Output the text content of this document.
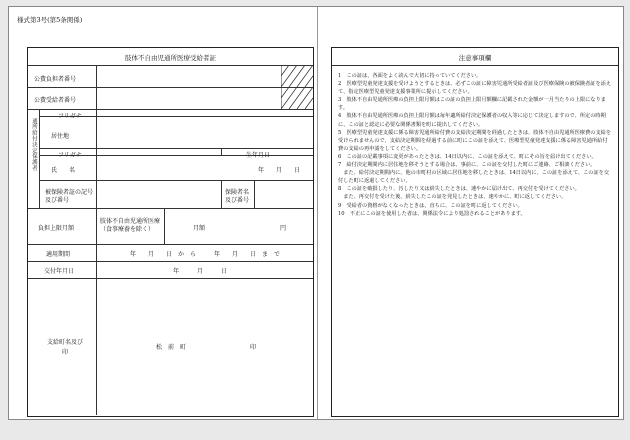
様式第3号(第5条関係)
肢体不自由児通所医療受給者証
公費負担者番号
公費受給者番号
通所給付決定保護者
フリガナ
居住地
フリガナ	生年月日
氏　　名	年　　月　　日
被保険者証の記号及び番号
保険者名及び番号
負担上限月額
肢体不自由児通所医療（食事療養を除く）	月額	円
適用期間	年　　月　　日　か　ら　　　年　　月　　日　ま　で
交付年月日	年　　　月　　　日
支給町名及び印
松　前　町	印
注意事項欄

1　この証は、各面をよく読んで大切に持っていてください。

2　医療型児童発達支援を受けようとするときは、必ずこの証に障害児通所受給者証及び医療保険の被保険者証を添えて、指定医療型児童発達支援事業所に提示してください。

3　肢体不自由児通所医療の負担上限月額はこの証の負担上限月額欄に記載された金額が一月当たりの上限になります。

4　肢体不自由児通所医療の負担上限月額は毎年適所給付決定保護者の収入等に応じて決定しますので、所定の時期に、この証と認定に必要な関係書類を町に提出してください。

5　医療型児童発達支援に係る障害児通所給付費の支給決定期間を経過したときは、肢体不自由児通所医療費の支給を受けられませんので、支給決定期間を経過する前に町にこの証を添えて、医療型児童発達支援に係る障害児通所給付費の支給の再申請をしてください。

6　この証の記載事項に変更があったときは、14日以内に、この証を添えて、町にその旨を届け出てください。

7　給付決定期間内に居住地を移そうとする場合は、事前に、この証を交付した町にご連絡、ご相談ください。

　また、給付決定期間内に、他の市町村の区域に居住地を移したときは、14日以内に、この証を添えて、この証を交付した町に返還してください。

8　この証を破損したり、汚したり又は紛失したときは、速やかに届け出て、再交付を受けてください。

　また、再交付を受けた後、紛失したこの証を発見したときは、速やかに、町に返してください。

9　受給者の資格がなくなったときは、直ちに、この証を町に返してください。

10　不正にこの証を使用した者は、関係法令により処罰されることがあります。
